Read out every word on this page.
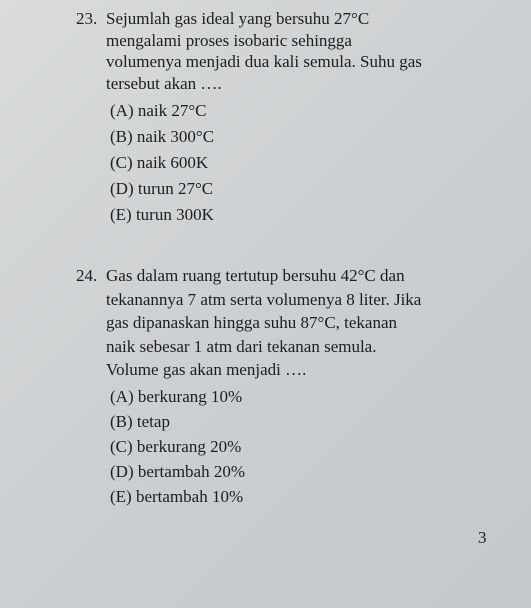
23. Sejumlah gas ideal yang bersuhu 27°C
mengalami proses isobaric sehingga
volumenya menjadi dua kali semula. Suhu gas
tersebut akan ….
(A) naik 27°C
(B) naik 300°C
(C) naik 600K
(D) turun 27°C
(E) turun 300K
24. Gas dalam ruang tertutup bersuhu 42°C dan
tekanannya 7 atm serta volumenya 8 liter. Jika
gas dipanaskan hingga suhu 87°C, tekanan
naik sebesar 1 atm dari tekanan semula.
Volume gas akan menjadi ….
(A) berkurang 10%
(B) tetap
(C) berkurang 20%
(D) bertambah 20%
(E) bertambah 10%
3
